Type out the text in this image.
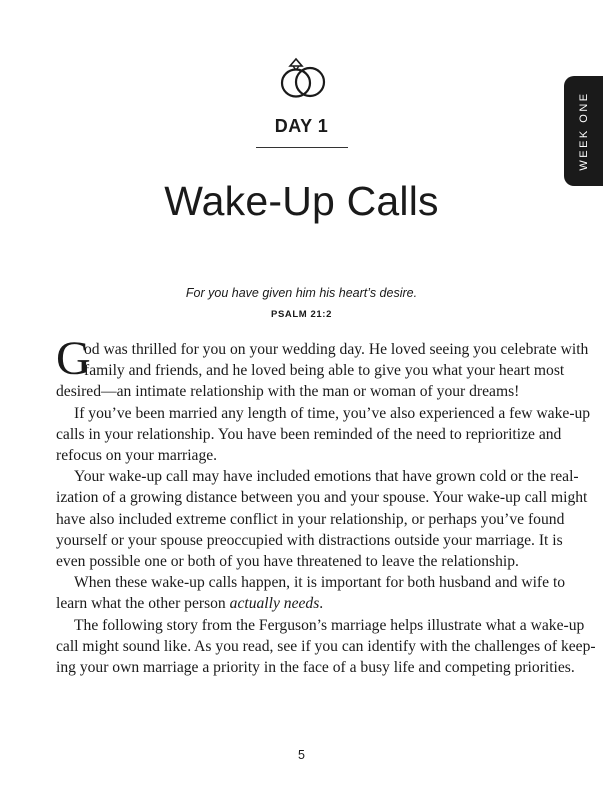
DAY 1
Wake-Up Calls
WEEK ONE
For you have given him his heart’s desire.
PSALM 21:2
G

od was thrilled for you on your wedding day. He loved seeing you celebrate with
family and friends, and he loved being able to give you what your heart most
desired—an intimate relationship with the man or woman of your dreams!

If you’ve been married any length of time, you’ve also experienced a few wake-up
calls in your relationship. You have been reminded of the need to reprioritize and
refocus on your marriage.

Your wake-up call may have included emotions that have grown cold or the real-
ization of a growing distance between you and your spouse. Your wake-up call might
have also included extreme conflict in your relationship, or perhaps you’ve found
yourself or your spouse preoccupied with distractions outside your marriage. It is
even possible one or both of you have threatened to leave the relationship.

When these wake-up calls happen, it is important for both husband and wife to
learn what the other person actually needs.

The following story from the Ferguson’s marriage helps illustrate what a wake-up
call might sound like. As you read, see if you can identify with the challenges of keep-
ing your own marriage a priority in the face of a busy life and competing priorities.

5
